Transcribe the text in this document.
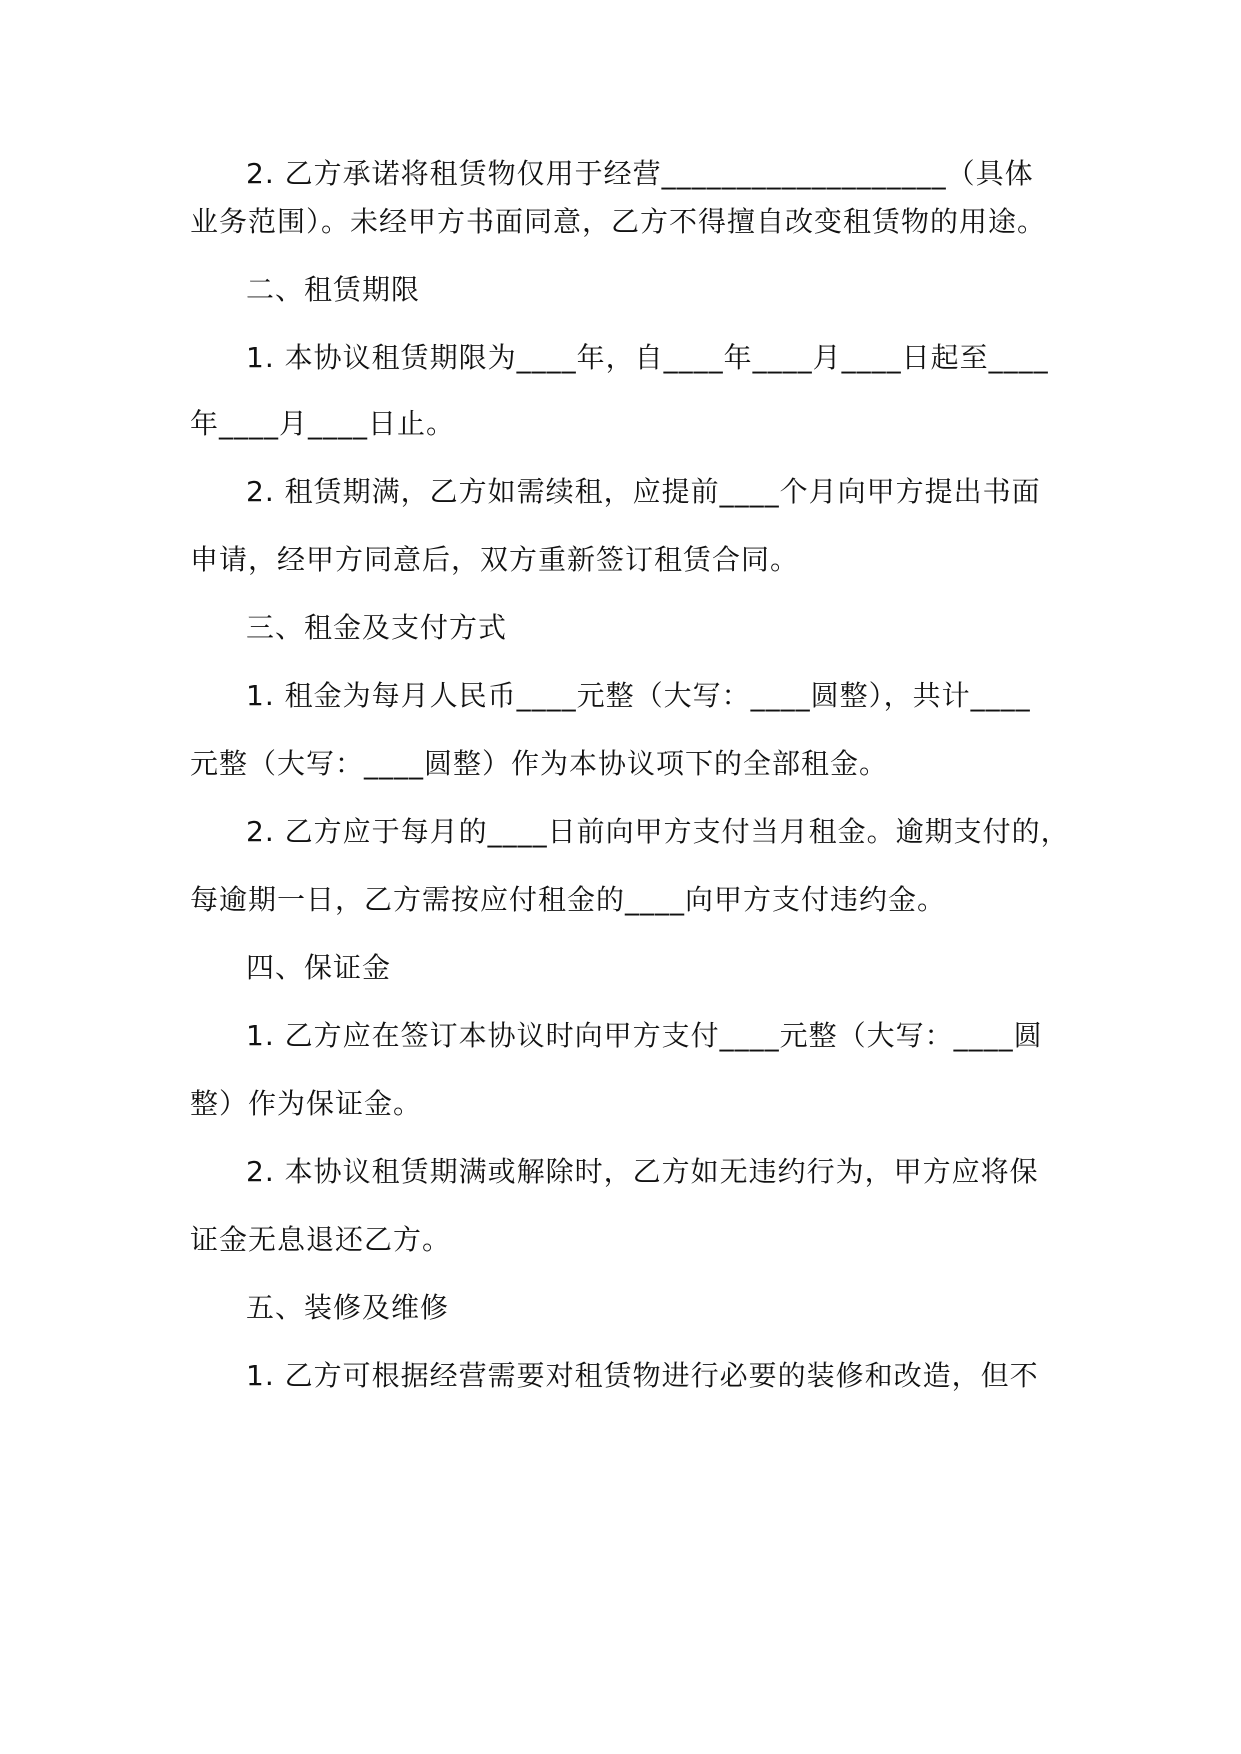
2. 乙方承诺将租赁物仅用于经营___________________（具体
业务范围）。未经甲方书面同意，乙方不得擅自改变租赁物的用途。
二、租赁期限
1. 本协议租赁期限为____年，自____年____月____日起至____
年____月____日止。
2. 租赁期满，乙方如需续租，应提前____个月向甲方提出书面
申请，经甲方同意后，双方重新签订租赁合同。
三、租金及支付方式
1. 租金为每月人民币____元整（大写：____圆整），共计____
元整（大写：____圆整）作为本协议项下的全部租金。
2. 乙方应于每月的____日前向甲方支付当月租金。逾期支付的，
每逾期一日，乙方需按应付租金的____向甲方支付违约金。
四、保证金
1. 乙方应在签订本协议时向甲方支付____元整（大写：____圆
整）作为保证金。
2. 本协议租赁期满或解除时，乙方如无违约行为，甲方应将保
证金无息退还乙方。
五、装修及维修
1. 乙方可根据经营需要对租赁物进行必要的装修和改造，但不
